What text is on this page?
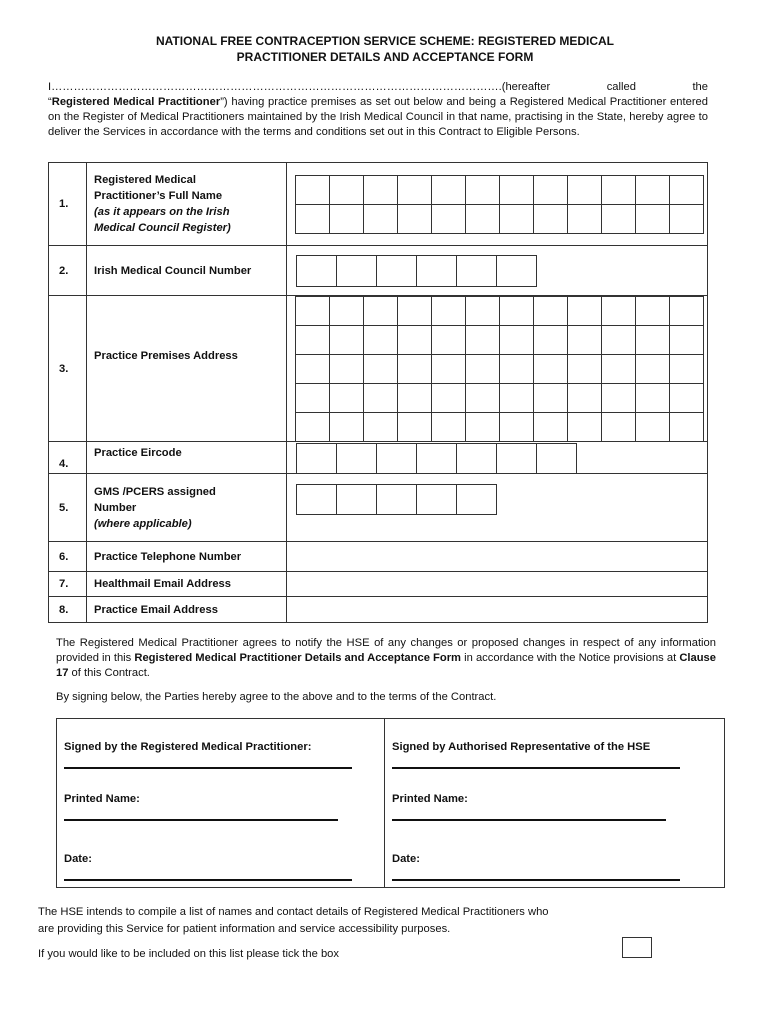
NATIONAL FREE CONTRACEPTION SERVICE SCHEME: REGISTERED MEDICAL
PRACTITIONER DETAILS AND ACCEPTANCE FORM
I………………………………………………………………………………………………………….(hereafter called the
“Registered Medical Practitioner”) having practice premises as set out below and being a Registered Medical Practitioner entered on the Register of Medical Practitioners maintained by the Irish Medical Council in that name, practising in the State, hereby agree to deliver the Services in accordance with the terms and conditions set out in this Contract to Eligible Persons.
1.	Registered Medical
Practitioner’s Full Name
(as it appears on the Irish
Medical Council Register)	

2.	Irish Medical Council Number	

3.	Practice Premises Address	

4.	Practice Eircode	

5.	GMS /PCERS assigned
Number
(where applicable)	

6.	Practice Telephone Number	
7.	Healthmail Email Address	
8.	Practice Email Address	
The Registered Medical Practitioner agrees to notify the HSE of any changes or proposed changes in respect of any information provided in this Registered Medical Practitioner Details and Acceptance Form in accordance with the Notice provisions at Clause 17 of this Contract.
By signing below, the Parties hereby agree to the above and to the terms of the Contract.
Signed by the Registered Medical Practitioner:
Printed Name:
Date:
Signed by Authorised Representative of the HSE
Printed Name:
Date:
The HSE intends to compile a list of names and contact details of Registered Medical Practitioners who
are providing this Service for patient information and service accessibility purposes.
If you would like to be included on this list please tick the box
